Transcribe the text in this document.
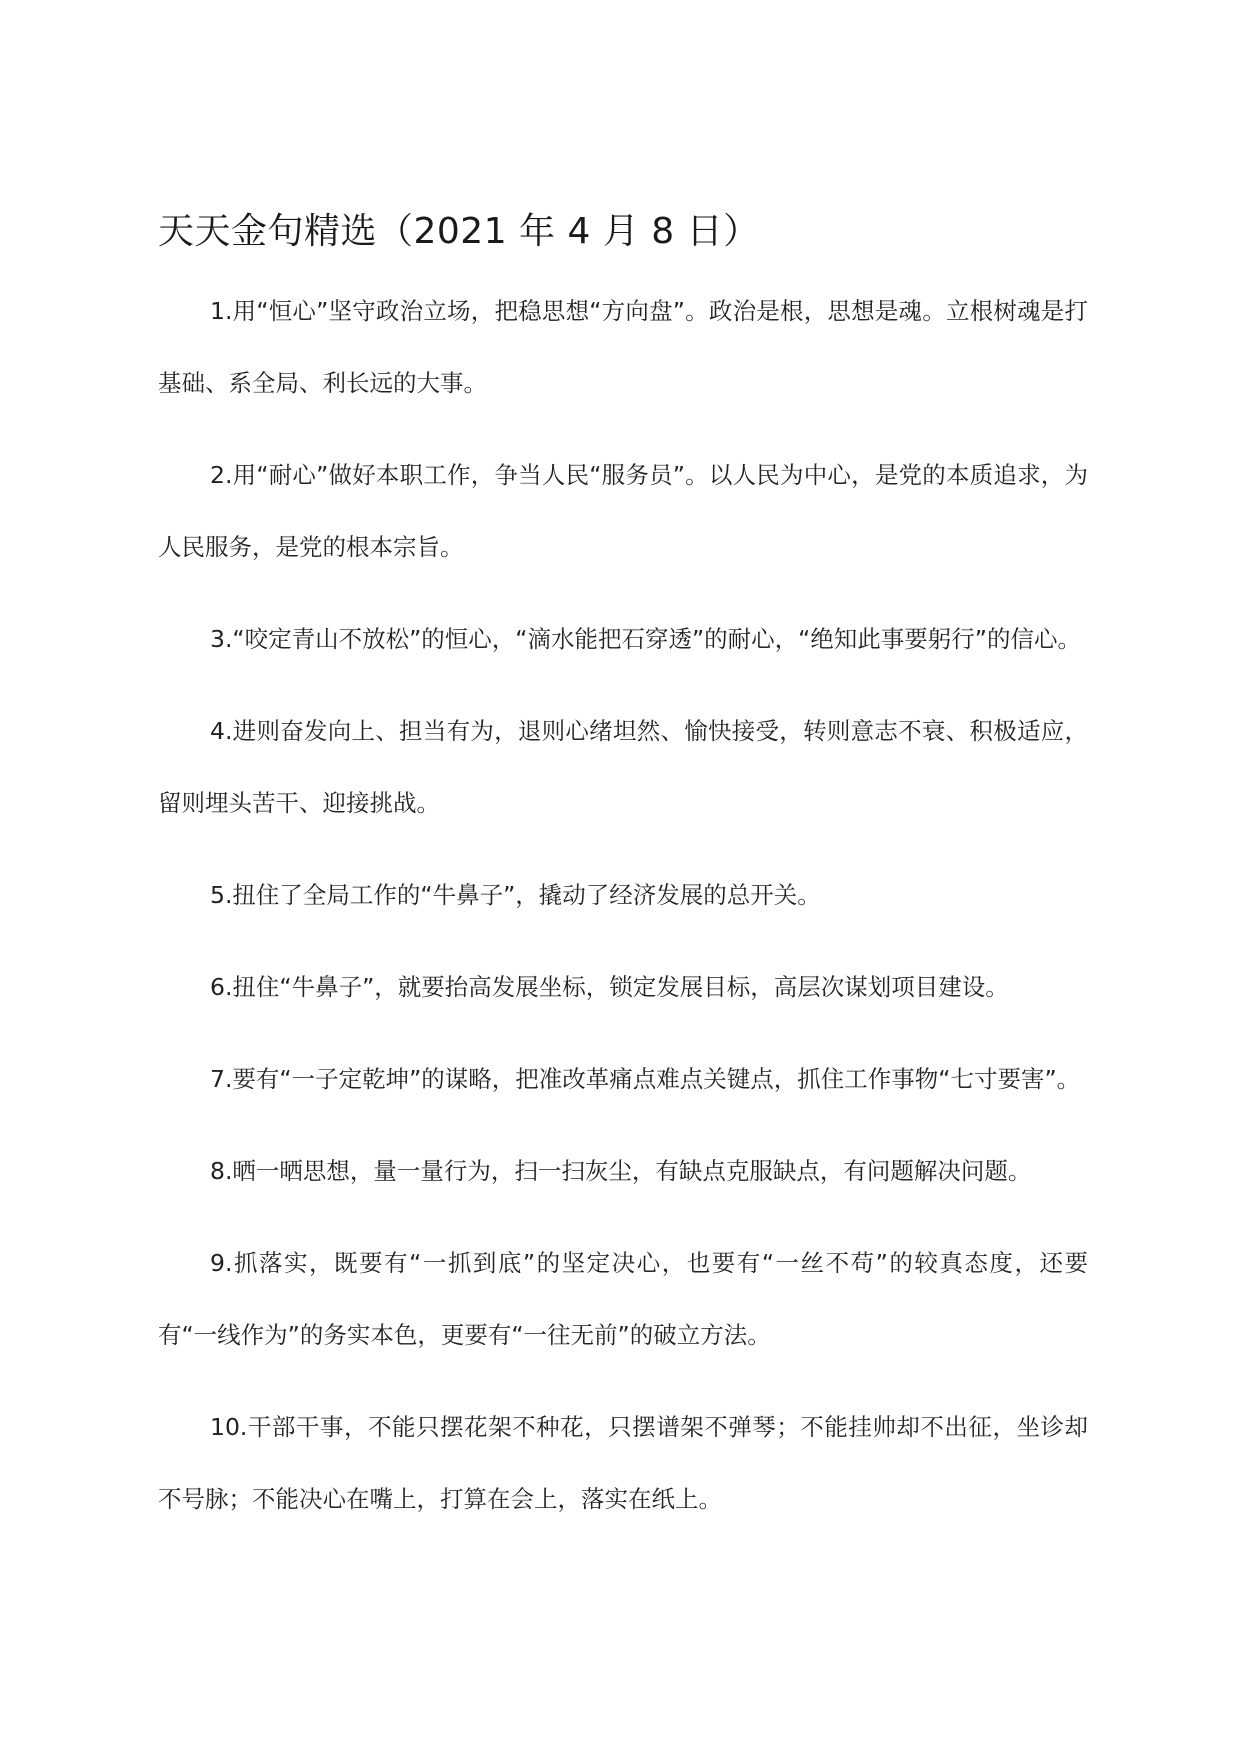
天天金句精选（2021 年 4 月 8 日）

1.用“恒心”坚守政治立场，把稳思想“方向盘”。政治是根，思想是魂。立根树魂是打基础、系全局、利长远的大事。

2.用“耐心”做好本职工作，争当人民“服务员”。以人民为中心，是党的本质追求，为人民服务，是党的根本宗旨。

3.“咬定青山不放松”的恒心，“滴水能把石穿透”的耐心，“绝知此事要躬行”的信心。

4.进则奋发向上、担当有为，退则心绪坦然、愉快接受，转则意志不衰、积极适应，留则埋头苦干、迎接挑战。

5.扭住了全局工作的“牛鼻子”，撬动了经济发展的总开关。

6.扭住“牛鼻子”，就要抬高发展坐标，锁定发展目标，高层次谋划项目建设。

7.要有“一子定乾坤”的谋略，把准改革痛点难点关键点，抓住工作事物“七寸要害”。

8.晒一晒思想，量一量行为，扫一扫灰尘，有缺点克服缺点，有问题解决问题。

9.抓落实，既要有“一抓到底”的坚定决心，也要有“一丝不苟”的较真态度，还要有“一线作为”的务实本色，更要有“一往无前”的破立方法。

10.干部干事，不能只摆花架不种花，只摆谱架不弹琴；不能挂帅却不出征，坐诊却不号脉；不能决心在嘴上，打算在会上，落实在纸上。
